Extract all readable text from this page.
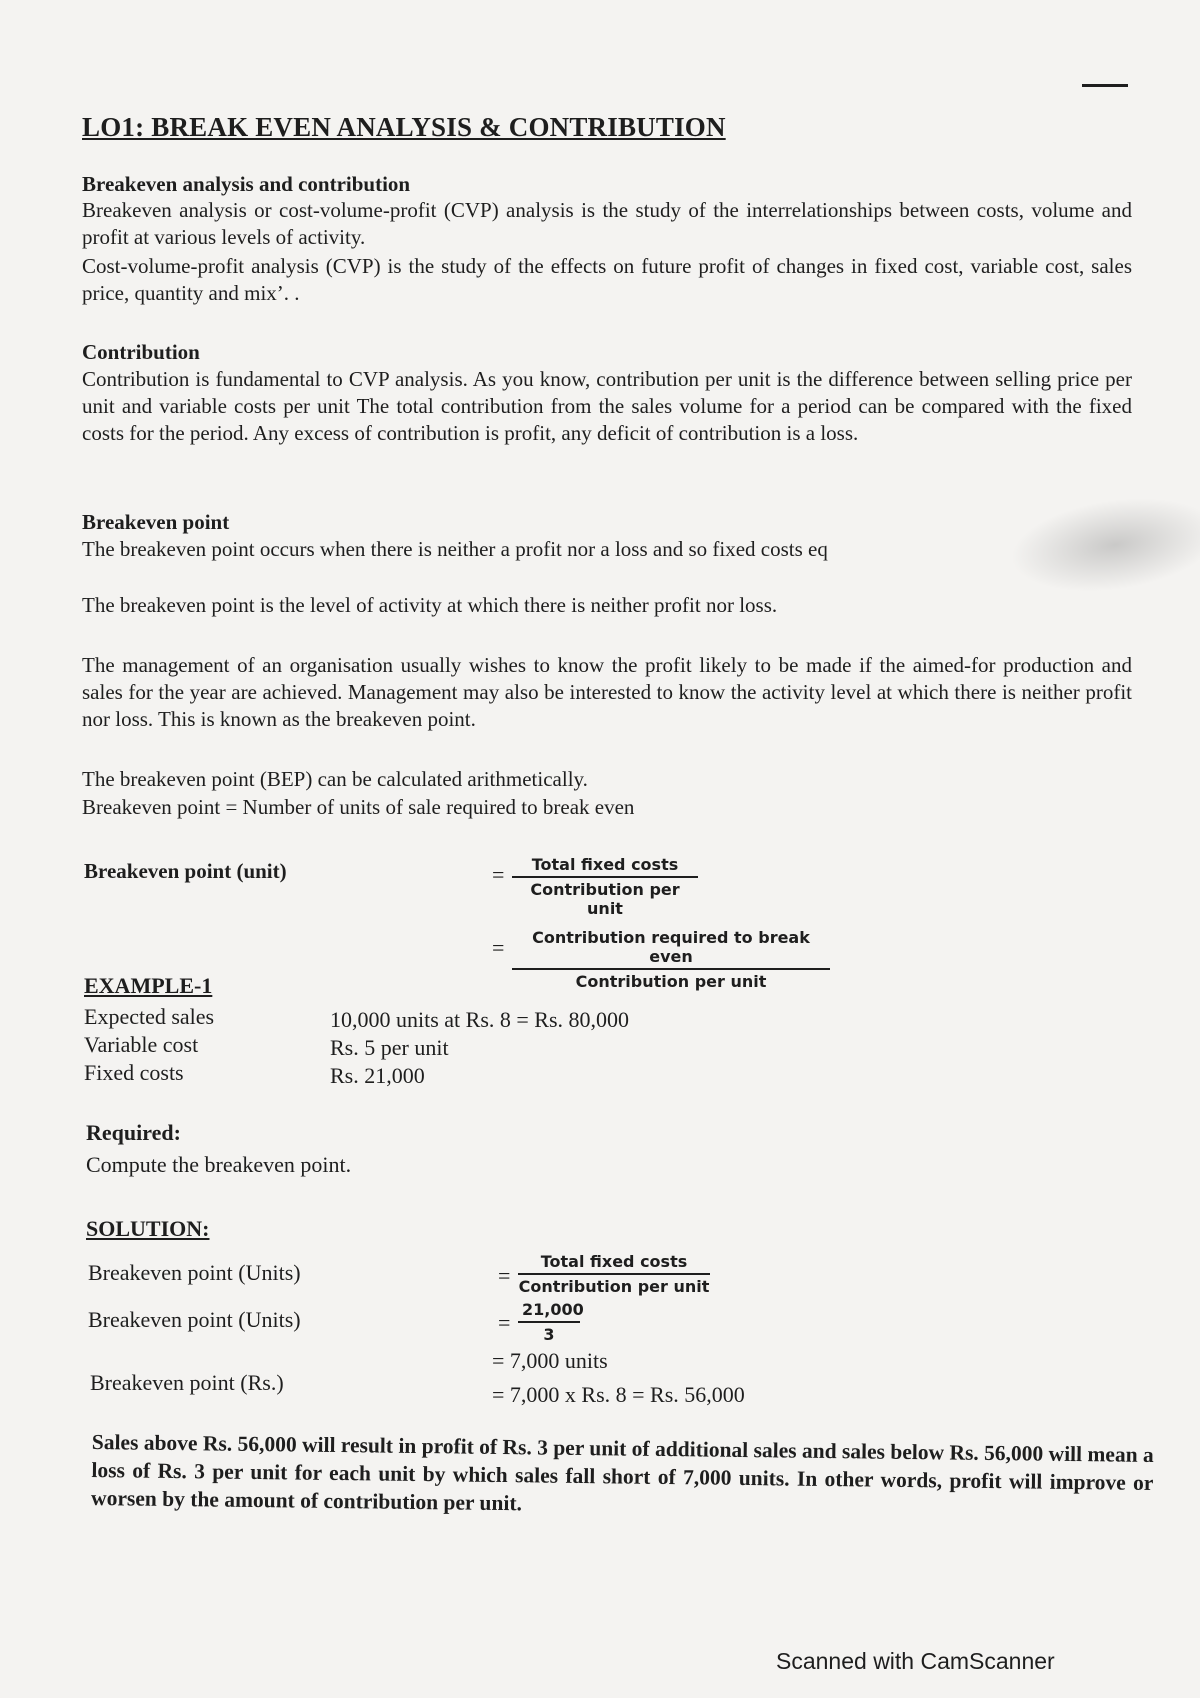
LO1: BREAK EVEN ANALYSIS & CONTRIBUTION
Breakeven analysis and contribution
Breakeven analysis or cost-volume-profit (CVP) analysis is the study of the interrelationships between costs, volume and profit at various levels of activity.
Cost-volume-profit analysis (CVP) is the study of the effects on future profit of changes in fixed cost, variable cost, sales price, quantity and mix’. .
Contribution
Contribution is fundamental to CVP analysis. As you know, contribution per unit is the difference between selling price per unit and variable costs per unit The total contribution from the sales volume for a period can be compared with the fixed costs for the period. Any excess of contribution is profit, any deficit of contribution is a loss.
Breakeven point
The breakeven point occurs when there is neither a profit nor a loss and so fixed costs eq
The breakeven point is the level of activity at which there is neither profit nor loss.
The management of an organisation usually wishes to know the profit likely to be made if the aimed-for production and sales for the year are achieved. Management may also be interested to know the activity level at which there is neither profit nor loss. This is known as the breakeven point.
The breakeven point (BEP) can be calculated arithmetically.
Breakeven point = Number of units of sale required to break even
Breakeven point (unit)	=	Total fixed costs
Contribution per unit
=	Contribution required to break even
Contribution per unit
EXAMPLE-1
Expected sales	10,000 units at Rs. 8 = Rs. 80,000
Variable cost	Rs. 5 per unit
Fixed costs	Rs. 21,000
Required:
Compute the breakeven point.
SOLUTION:
Breakeven point (Units)	=
Total fixed costs
Contribution per unit
Breakeven point (Units)	= $\frac{21,000}{3}$
= 7,000 units
Breakeven point (Rs.)	= 7,000 x Rs. 8 = Rs. 56,000
Sales above Rs. 56,000 will result in profit of Rs. 3 per unit of additional sales and sales below Rs. 56,000 will mean a loss of Rs. 3 per unit for each unit by which sales fall short of 7,000 units. In other words, profit will improve or worsen by the amount of contribution per unit.
Scanned with CamScanner
